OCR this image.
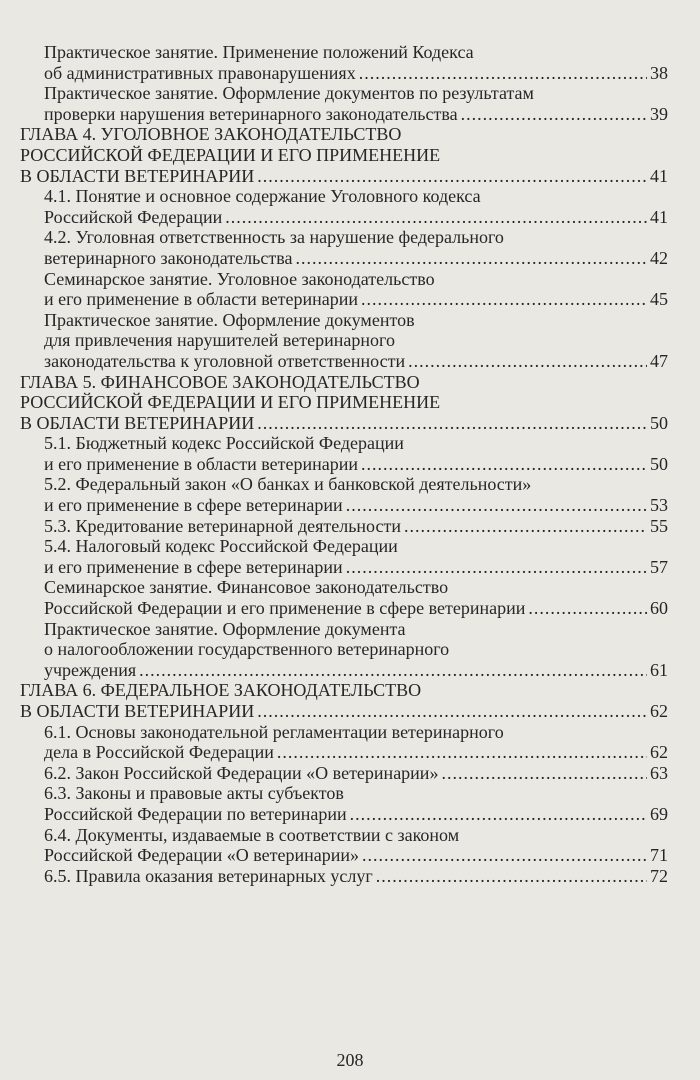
Практическое занятие. Применение положений Кодекса
об административных правонарушениях .....	38
Практическое занятие. Оформление документов по результатам
проверки нарушения ветеринарного законодательства .....	39
ГЛАВА 4. УГОЛОВНОЕ ЗАКОНОДАТЕЛЬСТВО
РОССИЙСКОЙ ФЕДЕРАЦИИ И ЕГО ПРИМЕНЕНИЕ
В ОБЛАСТИ ВЕТЕРИНАРИИ .....	41
4.1. Понятие и основное содержание Уголовного кодекса
Российской Федерации .....	41
4.2. Уголовная ответственность за нарушение федерального
ветеринарного законодательства .....	42
Семинарское занятие. Уголовное законодательство
и его применение в области ветеринарии .....	45
Практическое занятие. Оформление документов
для привлечения нарушителей ветеринарного
законодательства к уголовной ответственности .....	47
ГЛАВА 5. ФИНАНСОВОЕ ЗАКОНОДАТЕЛЬСТВО
РОССИЙСКОЙ ФЕДЕРАЦИИ И ЕГО ПРИМЕНЕНИЕ
В ОБЛАСТИ ВЕТЕРИНАРИИ .....	50
5.1. Бюджетный кодекс Российской Федерации
и его применение в области ветеринарии .....	50
5.2. Федеральный закон «О банках и банковской деятельности»
и его применение в сфере ветеринарии .....	53
5.3. Кредитование ветеринарной деятельности .....	55
5.4. Налоговый кодекс Российской Федерации
и его применение в сфере ветеринарии .....	57
Семинарское занятие. Финансовое законодательство
Российской Федерации и его применение в сфере ветеринарии .....	60
Практическое занятие. Оформление документа
о налогообложении государственного ветеринарного
учреждения .....	61
ГЛАВА 6. ФЕДЕРАЛЬНОЕ ЗАКОНОДАТЕЛЬСТВО
В ОБЛАСТИ ВЕТЕРИНАРИИ .....	62
6.1. Основы законодательной регламентации ветеринарного
дела в Российской Федерации .....	62
6.2. Закон Российской Федерации «О ветеринарии» .....	63
6.3. Законы и правовые акты субъектов
Российской Федерации по ветеринарии .....	69
6.4. Документы, издаваемые в соответствии с законом
Российской Федерации «О ветеринарии» .....	71
6.5. Правила оказания ветеринарных услуг .....	72
208
